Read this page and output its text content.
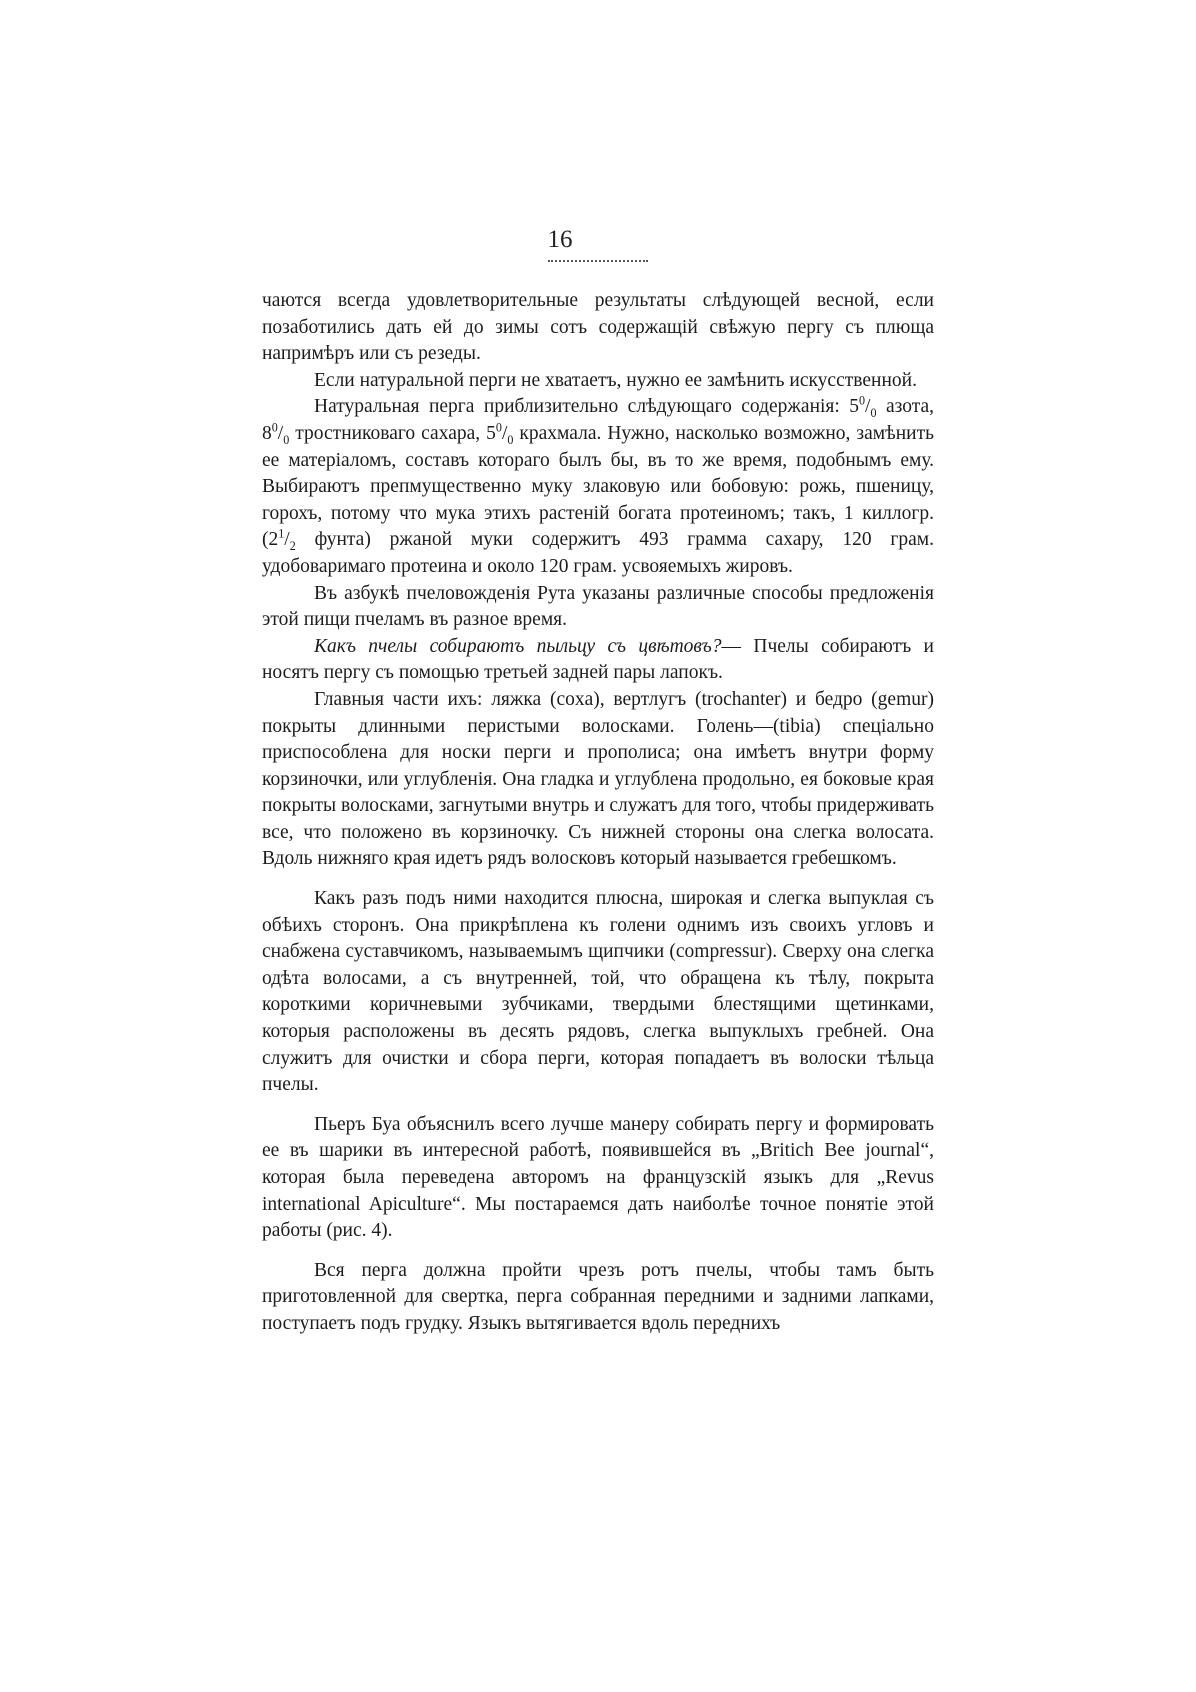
16

чаются всегда удовлетворительные результаты слѣдующей весной, если позаботились дать ей до зимы сотъ содержащій свѣжую пергу съ плюща напримѣръ или съ резеды.

Если натуральной перги не хватаетъ, нужно ее замѣнить искусственной.

Натуральная перга приблизительно слѣдующаго содержанія: $5^0/_0$ азота, $8^0/_0$ тростниковаго сахара, $5^0/_0$ крахмала. Нужно, насколько возможно, замѣнить ее матеріаломъ, составъ котораго былъ бы, въ то же время, подобнымъ ему. Выбираютъ препмущественно муку злаковую или бобовую: рожь, пшеницу, горохъ, потому что мука этихъ растеній богата протеиномъ; такъ, 1 киллогр. ($2^1/_2$ фунта) ржаной муки содержитъ 493 грамма сахару, 120 грам. удобоваримаго протеина и около 120 грам. усвояемыхъ жировъ.

Въ азбукѣ пчеловожденія Рута указаны различные способы предложенія этой пищи пчеламъ въ разное время.

Какъ пчелы собираютъ пыльцу съ цвѣтовъ?— Пчелы собираютъ и носятъ пергу съ помощью третьей задней пары лапокъ.

Главныя части ихъ: ляжка (coxa), вертлугъ (trochanter) и бедро (gemur) покрыты длинными перистыми волосками. Голень—(tibia) спеціально приспособлена для носки перги и прополиса; она имѣетъ внутри форму корзиночки, или углубленія. Она гладка и углублена продольно, ея боковые края покрыты волосками, загнутыми внутрь и служатъ для того, чтобы придерживать все, что положено въ корзиночку. Съ нижней стороны она слегка волосата. Вдоль нижняго края идетъ рядъ волосковъ который называется гребешкомъ.

Какъ разъ подъ ними находится плюсна, широкая и слегка выпуклая съ обѣихъ сторонъ. Она прикрѣплена къ голени однимъ изъ своихъ угловъ и снабжена суставчикомъ, называемымъ щипчики (compressur). Сверху она слегка одѣта волосами, а съ внутренней, той, что обращена къ тѣлу, покрыта короткими коричневыми зубчиками, твердыми блестящими щетинками, которыя расположены въ десять рядовъ, слегка выпуклыхъ гребней. Она служитъ для очистки и сбора перги, которая попадаетъ въ волоски тѣльца пчелы.

Пьеръ Буа объяснилъ всего лучше манеру собирать пергу и формировать ее въ шарики въ интересной работѣ, появившейся въ „Britich Bee journal“, которая была переведена авторомъ на французскій языкъ для „Revus international Apiculture“. Мы постараемся дать наиболѣе точное понятіе этой работы (рис. 4).

Вся перга должна пройти чрезъ ротъ пчелы, чтобы тамъ быть приготовленной для свертка, перга собранная передними и задними лапками, поступаетъ подъ грудку. Языкъ вытягивается вдоль переднихъ
